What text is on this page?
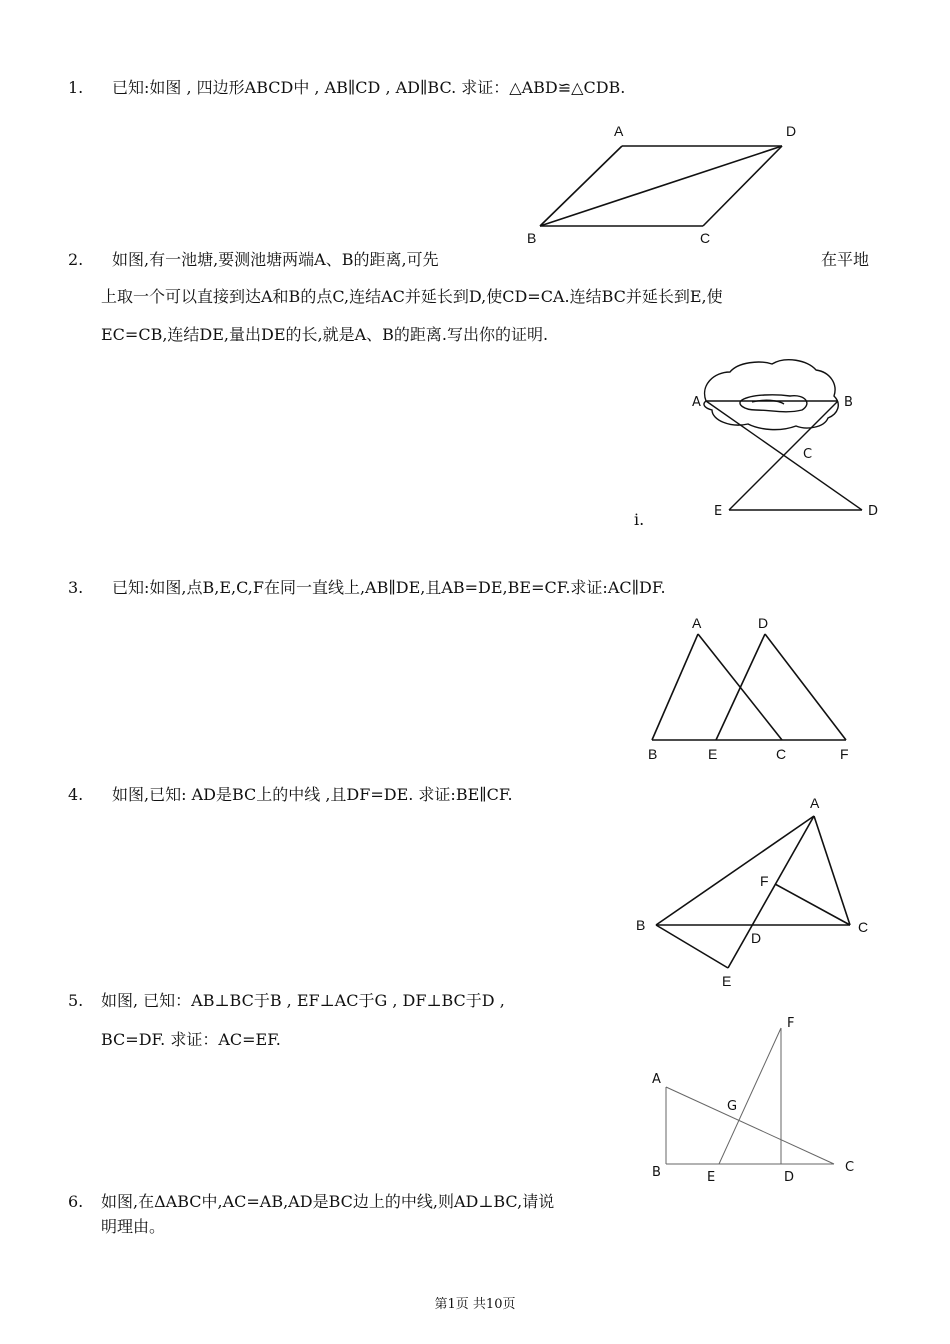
1. 已知:如图 , 四边形ABCD中 , AB∥CD , AD∥BC. 求证：△ABD≌△CDB.
A	D
B	C
2. 如图,有一池塘,要测池塘两端A、B的距离,可先	在平地
上取一个可以直接到达A和B的点C,连结AC并延长到D,使CD=CA.连结BC并延长到E,使
EC=CB,连结DE,量出DE的长,就是A、B的距离.写出你的证明.
A	B
C
E	D
i.
3. 已知:如图,点B,E,C,F在同一直线上,AB∥DE,且AB=DE,BE=CF.求证:AC∥DF.
A	D
B	E	C	F
4. 如图,已知: AD是BC上的中线 ,且DF=DE. 求证:BE∥CF.	A
F
B
D
C
E
5. 如图, 已知：AB⊥BC于B , EF⊥AC于G , DF⊥BC于D ,
BC=DF. 求证：AC=EF.
F
A
G
B	E	D
C
6. 如图,在ΔABC中,AC=AB,AD是BC边上的中线,则AD⊥BC,请说
明理由。
第1页 共10页
